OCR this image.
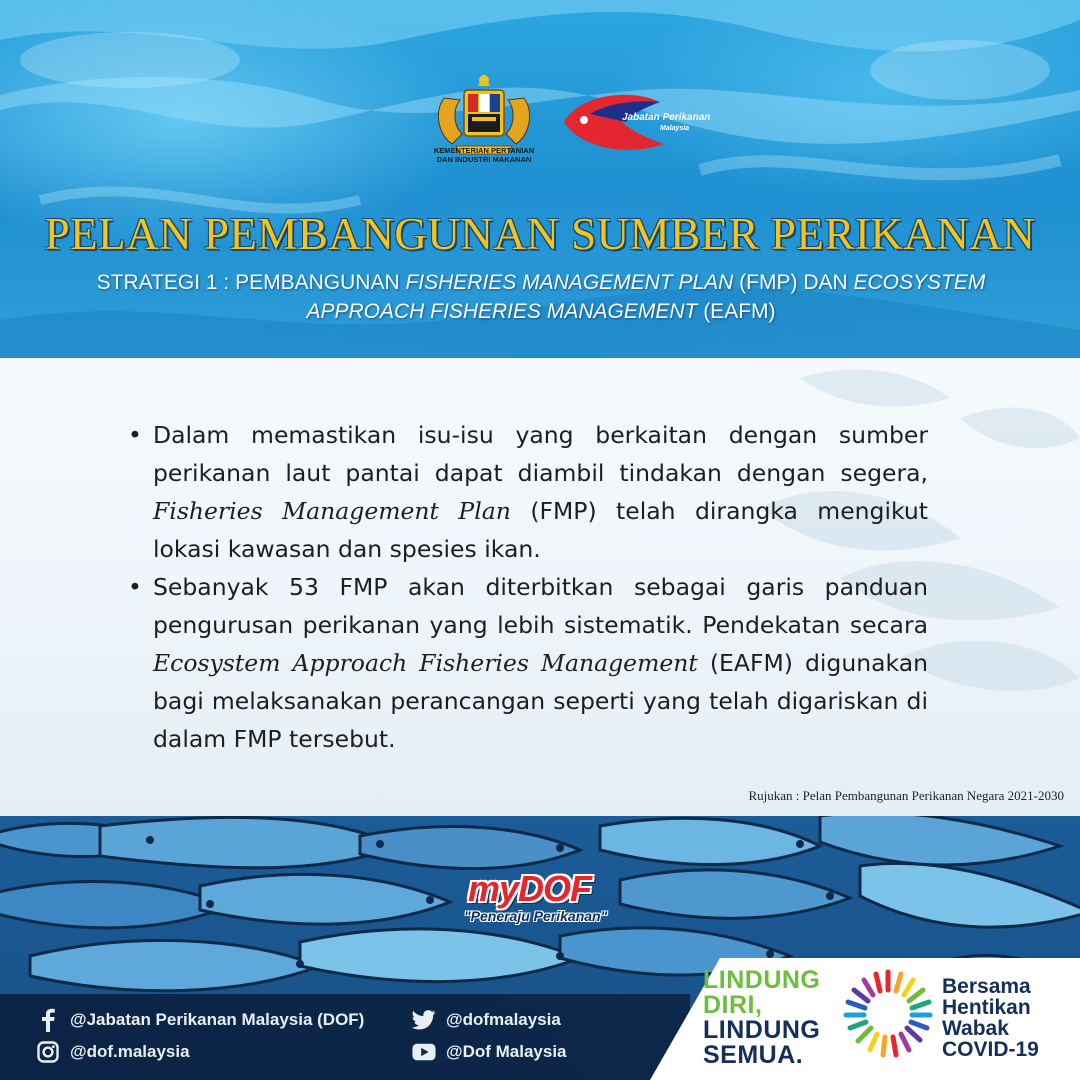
KEMENTERIAN PERTANIAN
DAN INDUSTRI MAKANAN
Jabatan Perikanan
Malaysia
PELAN PEMBANGUNAN SUMBER PERIKANAN
STRATEGI 1 : PEMBANGUNAN FISHERIES MANAGEMENT PLAN (FMP) DAN ECOSYSTEM APPROACH FISHERIES MANAGEMENT (EAFM)
• Dalam memastikan isu-isu yang berkaitan dengan sumber perikanan laut pantai dapat diambil tindakan dengan segera, Fisheries Management Plan (FMP) telah dirangka mengikut lokasi kawasan dan spesies ikan.
• Sebanyak 53 FMP akan diterbitkan sebagai garis panduan pengurusan perikanan yang lebih sistematik. Pendekatan secara Ecosystem Approach Fisheries Management (EAFM) digunakan bagi melaksanakan perancangan seperti yang telah digariskan di dalam FMP tersebut.
Rujukan : Pelan Pembangunan Perikanan Negara 2021-2030
myDOF
"Peneraju Perikanan"
@Jabatan Perikanan Malaysia (DOF)
@dof.malaysia
@dofmalaysia
@Dof Malaysia
LINDUNG
DIRI,
LINDUNG
SEMUA.
Bersama
Hentikan
Wabak
COVID-19
